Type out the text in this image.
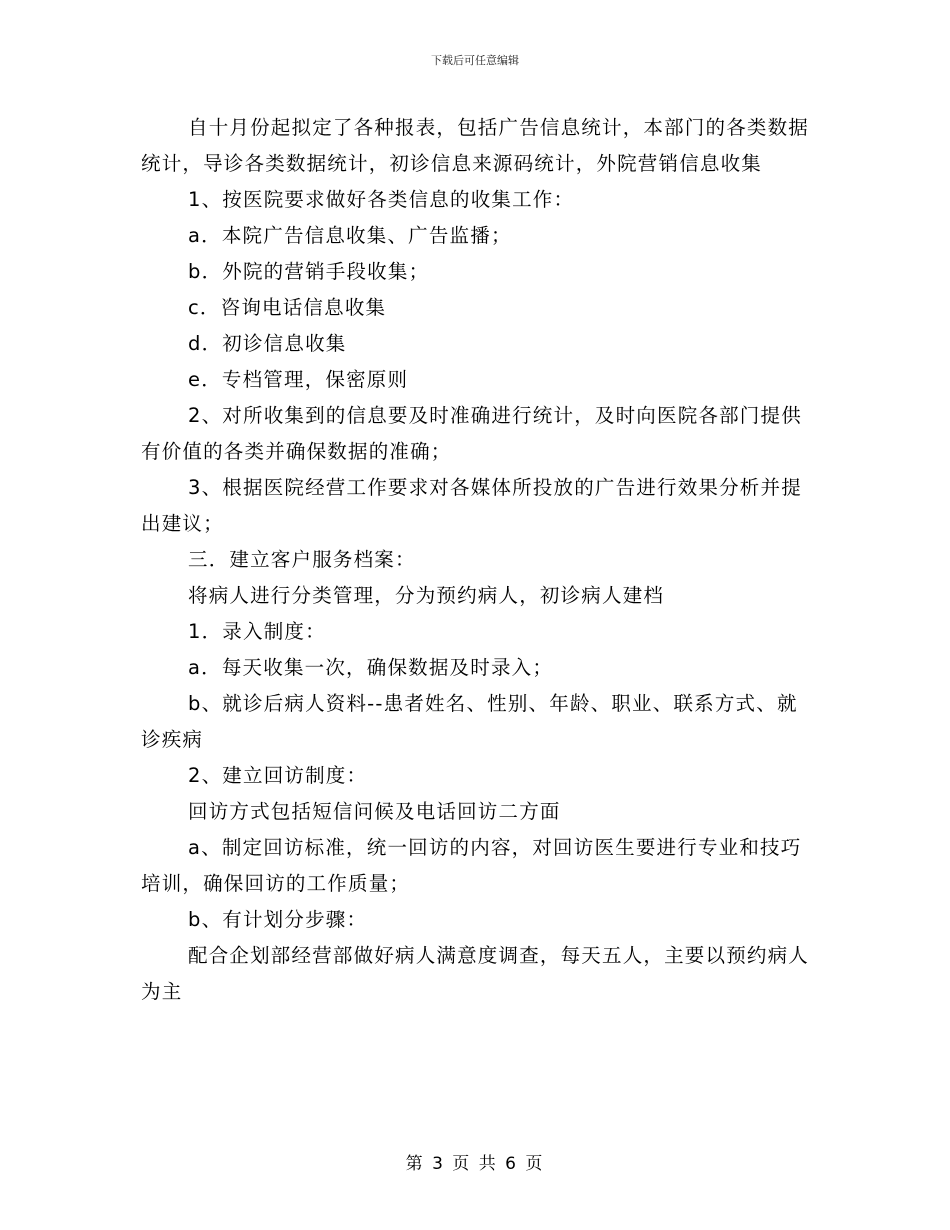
下载后可任意编辑

自十月份起拟定了各种报表，包括广告信息统计，本部门的各类数据统计，导诊各类数据统计，初诊信息来源码统计，外院营销信息收集

1、按医院要求做好各类信息的收集工作：

a．本院广告信息收集、广告监播；

b．外院的营销手段收集；

c．咨询电话信息收集

d．初诊信息收集

e．专档管理，保密原则

2、对所收集到的信息要及时准确进行统计，及时向医院各部门提供有价值的各类并确保数据的准确；

3、根据医院经营工作要求对各媒体所投放的广告进行效果分析并提出建议；

三．建立客户服务档案：

将病人进行分类管理，分为预约病人，初诊病人建档

1．录入制度：

a．每天收集一次，确保数据及时录入；

b、就诊后病人资料--患者姓名、性别、年龄、职业、联系方式、就诊疾病

2、建立回访制度：

回访方式包括短信问候及电话回访二方面

a、制定回访标准，统一回访的内容，对回访医生要进行专业和技巧培训，确保回访的工作质量；

b、有计划分步骤：

配合企划部经营部做好病人满意度调查，每天五人，主要以预约病人为主

第 3 页 共 6 页
